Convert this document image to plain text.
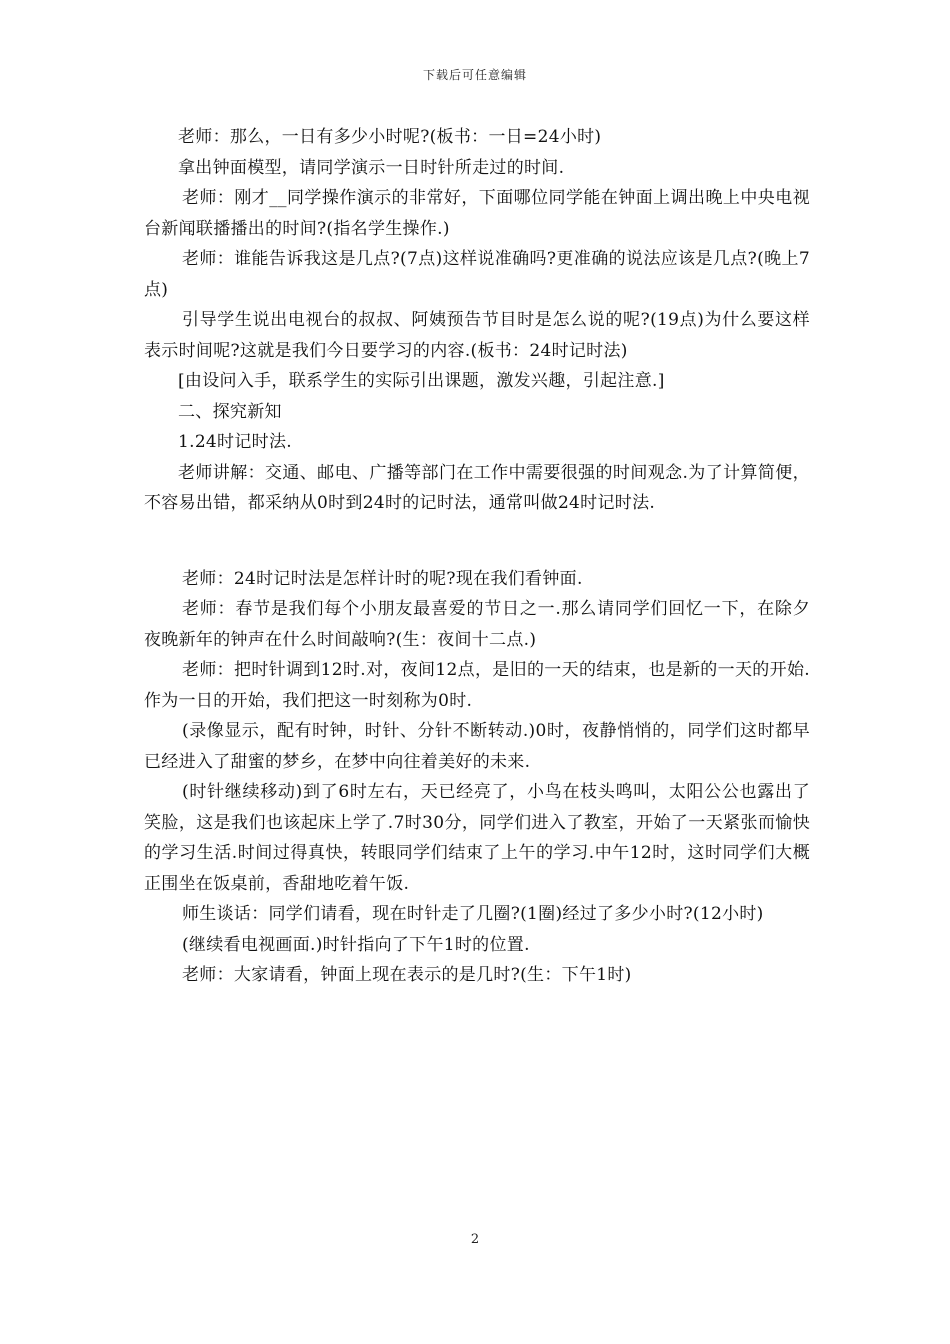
下载后可任意编辑

老师：那么，一日有多少小时呢?(板书：一日=24小时)

拿出钟面模型，请同学演示一日时针所走过的时间.

老师：刚才__同学操作演示的非常好，下面哪位同学能在钟面上调出晚上中央电视台新闻联播播出的时间?(指名学生操作.)

老师：谁能告诉我这是几点?(7点)这样说准确吗?更准确的说法应该是几点?(晚上7点)

引导学生说出电视台的叔叔、阿姨预告节目时是怎么说的呢?(19点)为什么要这样表示时间呢?这就是我们今日要学习的内容.(板书：24时记时法)

[由设问入手，联系学生的实际引出课题，激发兴趣，引起注意.]

二、探究新知

1.24时记时法.

老师讲解：交通、邮电、广播等部门在工作中需要很强的时间观念.为了计算简便，不容易出错，都采纳从0时到24时的记时法，通常叫做24时记时法.

老师：24时记时法是怎样计时的呢?现在我们看钟面.

老师：春节是我们每个小朋友最喜爱的节日之一.那么请同学们回忆一下，在除夕夜晚新年的钟声在什么时间敲响?(生：夜间十二点.)

老师：把时针调到12时.对，夜间12点，是旧的一天的结束，也是新的一天的开始.作为一日的开始，我们把这一时刻称为0时.

(录像显示，配有时钟，时针、分针不断转动.)0时，夜静悄悄的，同学们这时都早已经进入了甜蜜的梦乡，在梦中向往着美好的未来.

(时针继续移动)到了6时左右，天已经亮了，小鸟在枝头鸣叫，太阳公公也露出了笑脸，这是我们也该起床上学了.7时30分，同学们进入了教室，开始了一天紧张而愉快的学习生活.时间过得真快，转眼同学们结束了上午的学习.中午12时，这时同学们大概正围坐在饭桌前，香甜地吃着午饭.

师生谈话：同学们请看，现在时针走了几圈?(1圈)经过了多少小时?(12小时)

(继续看电视画面.)时针指向了下午1时的位置.

老师：大家请看，钟面上现在表示的是几时?(生：下午1时)

2
